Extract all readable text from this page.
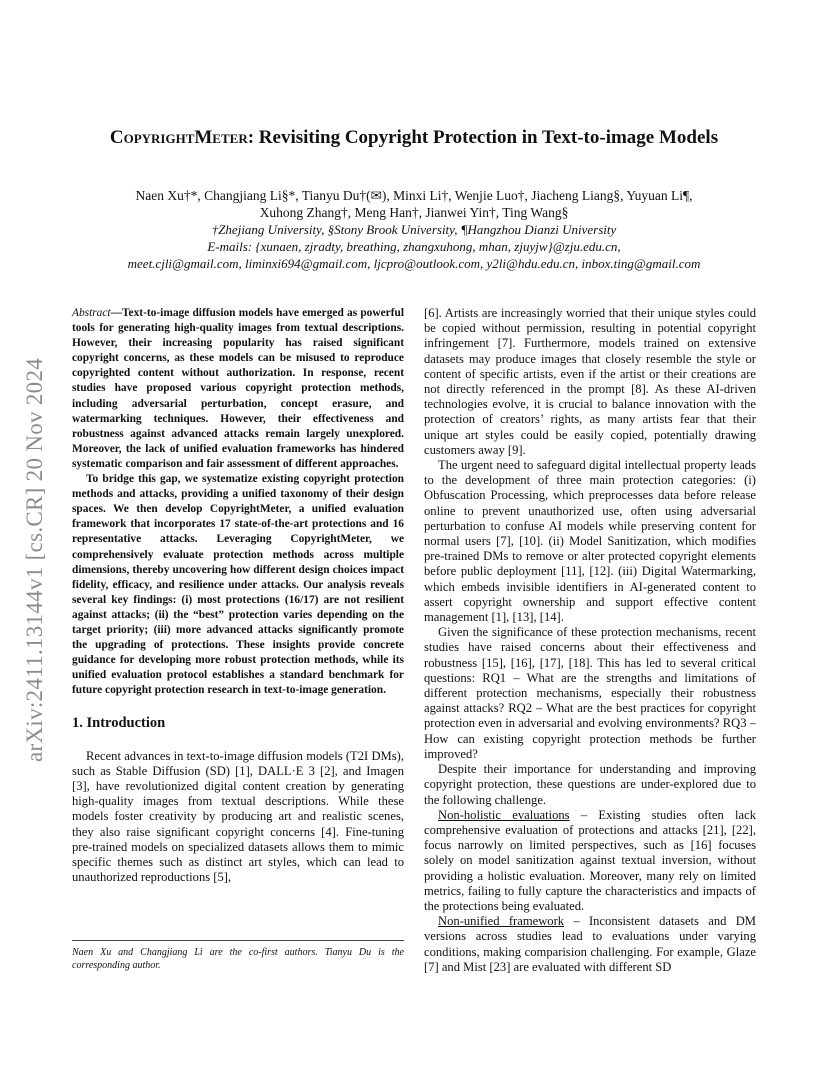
arXiv:2411.13144v1 [cs.CR] 20 Nov 2024
CopyrightMeter: Revisiting Copyright Protection in Text-to-image Models
Naen Xu†*, Changjiang Li§*, Tianyu Du†(✉), Minxi Li†, Wenjie Luo†, Jiacheng Liang§, Yuyuan Li¶,
Xuhong Zhang†, Meng Han†, Jianwei Yin†, Ting Wang§
†Zhejiang University, §Stony Brook University, ¶Hangzhou Dianzi University
E-mails: {xunaen, zjradty, breathing, zhangxuhong, mhan, zjuyjw}@zju.edu.cn,
meet.cjli@gmail.com, liminxi694@gmail.com, ljcpro@outlook.com, y2li@hdu.edu.cn, inbox.ting@gmail.com

Abstract—Text-to-image diffusion models have emerged as powerful tools for generating high-quality images from textual descriptions. However, their increasing popularity has raised significant copyright concerns, as these models can be misused to reproduce copyrighted content without authorization. In response, recent studies have proposed various copyright protection methods, including adversarial perturbation, concept erasure, and watermarking techniques. However, their effectiveness and robustness against advanced attacks remain largely unexplored. Moreover, the lack of unified evaluation frameworks has hindered systematic comparison and fair assessment of different approaches.

To bridge this gap, we systematize existing copyright protection methods and attacks, providing a unified taxonomy of their design spaces. We then develop CopyrightMeter, a unified evaluation framework that incorporates 17 state-of-the-art protections and 16 representative attacks. Leveraging CopyrightMeter, we comprehensively evaluate protection methods across multiple dimensions, thereby uncovering how different design choices impact fidelity, efficacy, and resilience under attacks. Our analysis reveals several key findings: (i) most protections (16/17) are not resilient against attacks; (ii) the “best” protection varies depending on the target priority; (iii) more advanced attacks significantly promote the upgrading of protections. These insights provide concrete guidance for developing more robust protection methods, while its unified evaluation protocol establishes a standard benchmark for future copyright protection research in text-to-image generation.

1. Introduction

Recent advances in text-to-image diffusion models (T2I DMs), such as Stable Diffusion (SD) [1], DALL·E 3 [2], and Imagen [3], have revolutionized digital content creation by generating high-quality images from textual descriptions. While these models foster creativity by producing art and realistic scenes, they also raise significant copyright concerns [4]. Fine-tuning pre-trained models on specialized datasets allows them to mimic specific themes such as distinct art styles, which can lead to unauthorized reproductions [5],

Naen Xu and Changjiang Li are the co-first authors. Tianyu Du is the corresponding author.

[6]. Artists are increasingly worried that their unique styles could be copied without permission, resulting in potential copyright infringement [7]. Furthermore, models trained on extensive datasets may produce images that closely resemble the style or content of specific artists, even if the artist or their creations are not directly referenced in the prompt [8]. As these AI-driven technologies evolve, it is crucial to balance innovation with the protection of creators’ rights, as many artists fear that their unique art styles could be easily copied, potentially drawing customers away [9].

The urgent need to safeguard digital intellectual property leads to the development of three main protection categories: (i) Obfuscation Processing, which preprocesses data before release online to prevent unauthorized use, often using adversarial perturbation to confuse AI models while preserving content for normal users [7], [10]. (ii) Model Sanitization, which modifies pre-trained DMs to remove or alter protected copyright elements before public deployment [11], [12]. (iii) Digital Watermarking, which embeds invisible identifiers in AI-generated content to assert copyright ownership and support effective content management [1], [13], [14].

Given the significance of these protection mechanisms, recent studies have raised concerns about their effectiveness and robustness [15], [16], [17], [18]. This has led to several critical questions: RQ1 – What are the strengths and limitations of different protection mechanisms, especially their robustness against attacks? RQ2 – What are the best practices for copyright protection even in adversarial and evolving environments? RQ3 – How can existing copyright protection methods be further improved?

Despite their importance for understanding and improving copyright protection, these questions are under-explored due to the following challenge.

Non-holistic evaluations – Existing studies often lack comprehensive evaluation of protections and attacks [21], [22], focus narrowly on limited perspectives, such as [16] focuses solely on model sanitization against textual inversion, without providing a holistic evaluation. Moreover, many rely on limited metrics, failing to fully capture the characteristics and impacts of the protections being evaluated.

Non-unified framework – Inconsistent datasets and DM versions across studies lead to evaluations under varying conditions, making comparision challenging. For example, Glaze [7] and Mist [23] are evaluated with different SD
